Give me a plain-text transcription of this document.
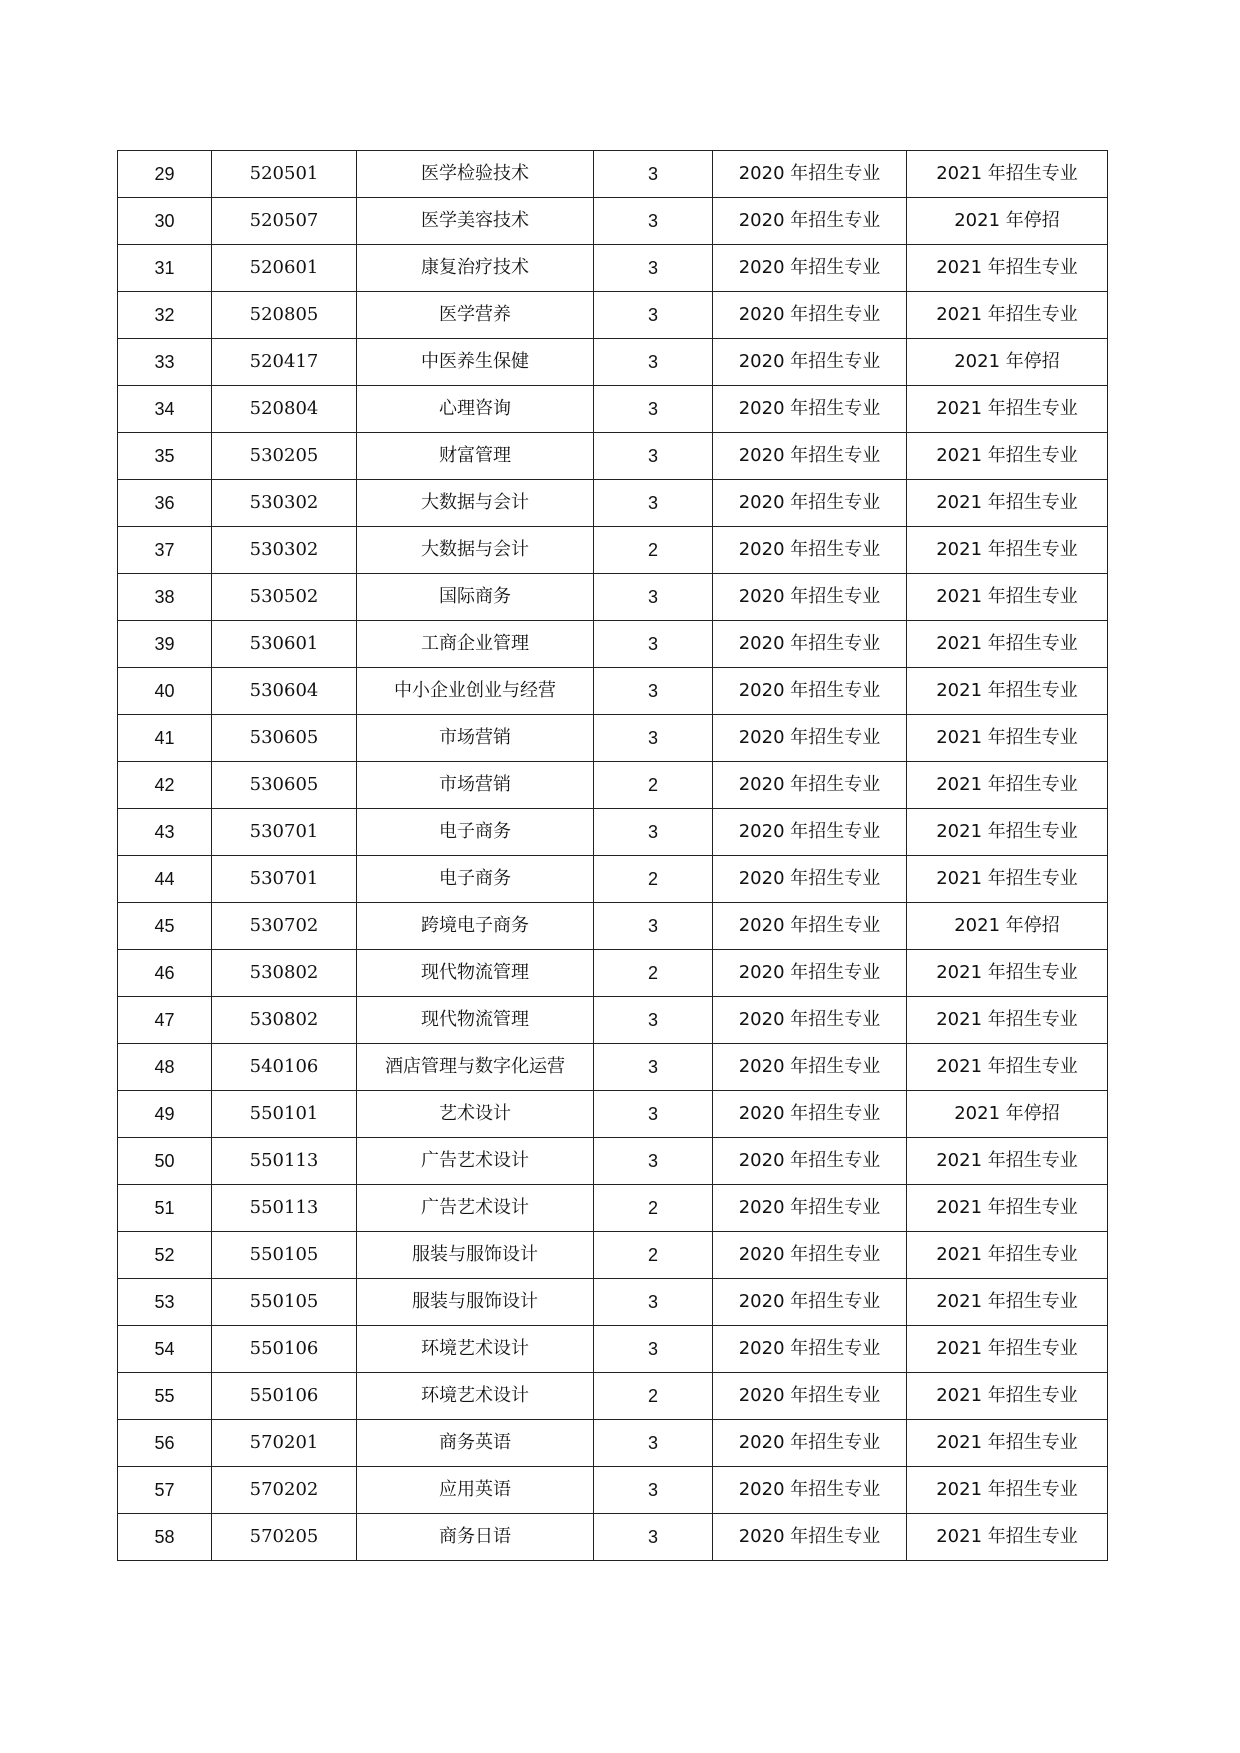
29	520501	医学检验技术	3	2020 年招生专业	2021 年招生专业
30	520507	医学美容技术	3	2020 年招生专业	2021 年停招
31	520601	康复治疗技术	3	2020 年招生专业	2021 年招生专业
32	520805	医学营养	3	2020 年招生专业	2021 年招生专业
33	520417	中医养生保健	3	2020 年招生专业	2021 年停招
34	520804	心理咨询	3	2020 年招生专业	2021 年招生专业
35	530205	财富管理	3	2020 年招生专业	2021 年招生专业
36	530302	大数据与会计	3	2020 年招生专业	2021 年招生专业
37	530302	大数据与会计	2	2020 年招生专业	2021 年招生专业
38	530502	国际商务	3	2020 年招生专业	2021 年招生专业
39	530601	工商企业管理	3	2020 年招生专业	2021 年招生专业
40	530604	中小企业创业与经营	3	2020 年招生专业	2021 年招生专业
41	530605	市场营销	3	2020 年招生专业	2021 年招生专业
42	530605	市场营销	2	2020 年招生专业	2021 年招生专业
43	530701	电子商务	3	2020 年招生专业	2021 年招生专业
44	530701	电子商务	2	2020 年招生专业	2021 年招生专业
45	530702	跨境电子商务	3	2020 年招生专业	2021 年停招
46	530802	现代物流管理	2	2020 年招生专业	2021 年招生专业
47	530802	现代物流管理	3	2020 年招生专业	2021 年招生专业
48	540106	酒店管理与数字化运营	3	2020 年招生专业	2021 年招生专业
49	550101	艺术设计	3	2020 年招生专业	2021 年停招
50	550113	广告艺术设计	3	2020 年招生专业	2021 年招生专业
51	550113	广告艺术设计	2	2020 年招生专业	2021 年招生专业
52	550105	服装与服饰设计	2	2020 年招生专业	2021 年招生专业
53	550105	服装与服饰设计	3	2020 年招生专业	2021 年招生专业
54	550106	环境艺术设计	3	2020 年招生专业	2021 年招生专业
55	550106	环境艺术设计	2	2020 年招生专业	2021 年招生专业
56	570201	商务英语	3	2020 年招生专业	2021 年招生专业
57	570202	应用英语	3	2020 年招生专业	2021 年招生专业
58	570205	商务日语	3	2020 年招生专业	2021 年招生专业
